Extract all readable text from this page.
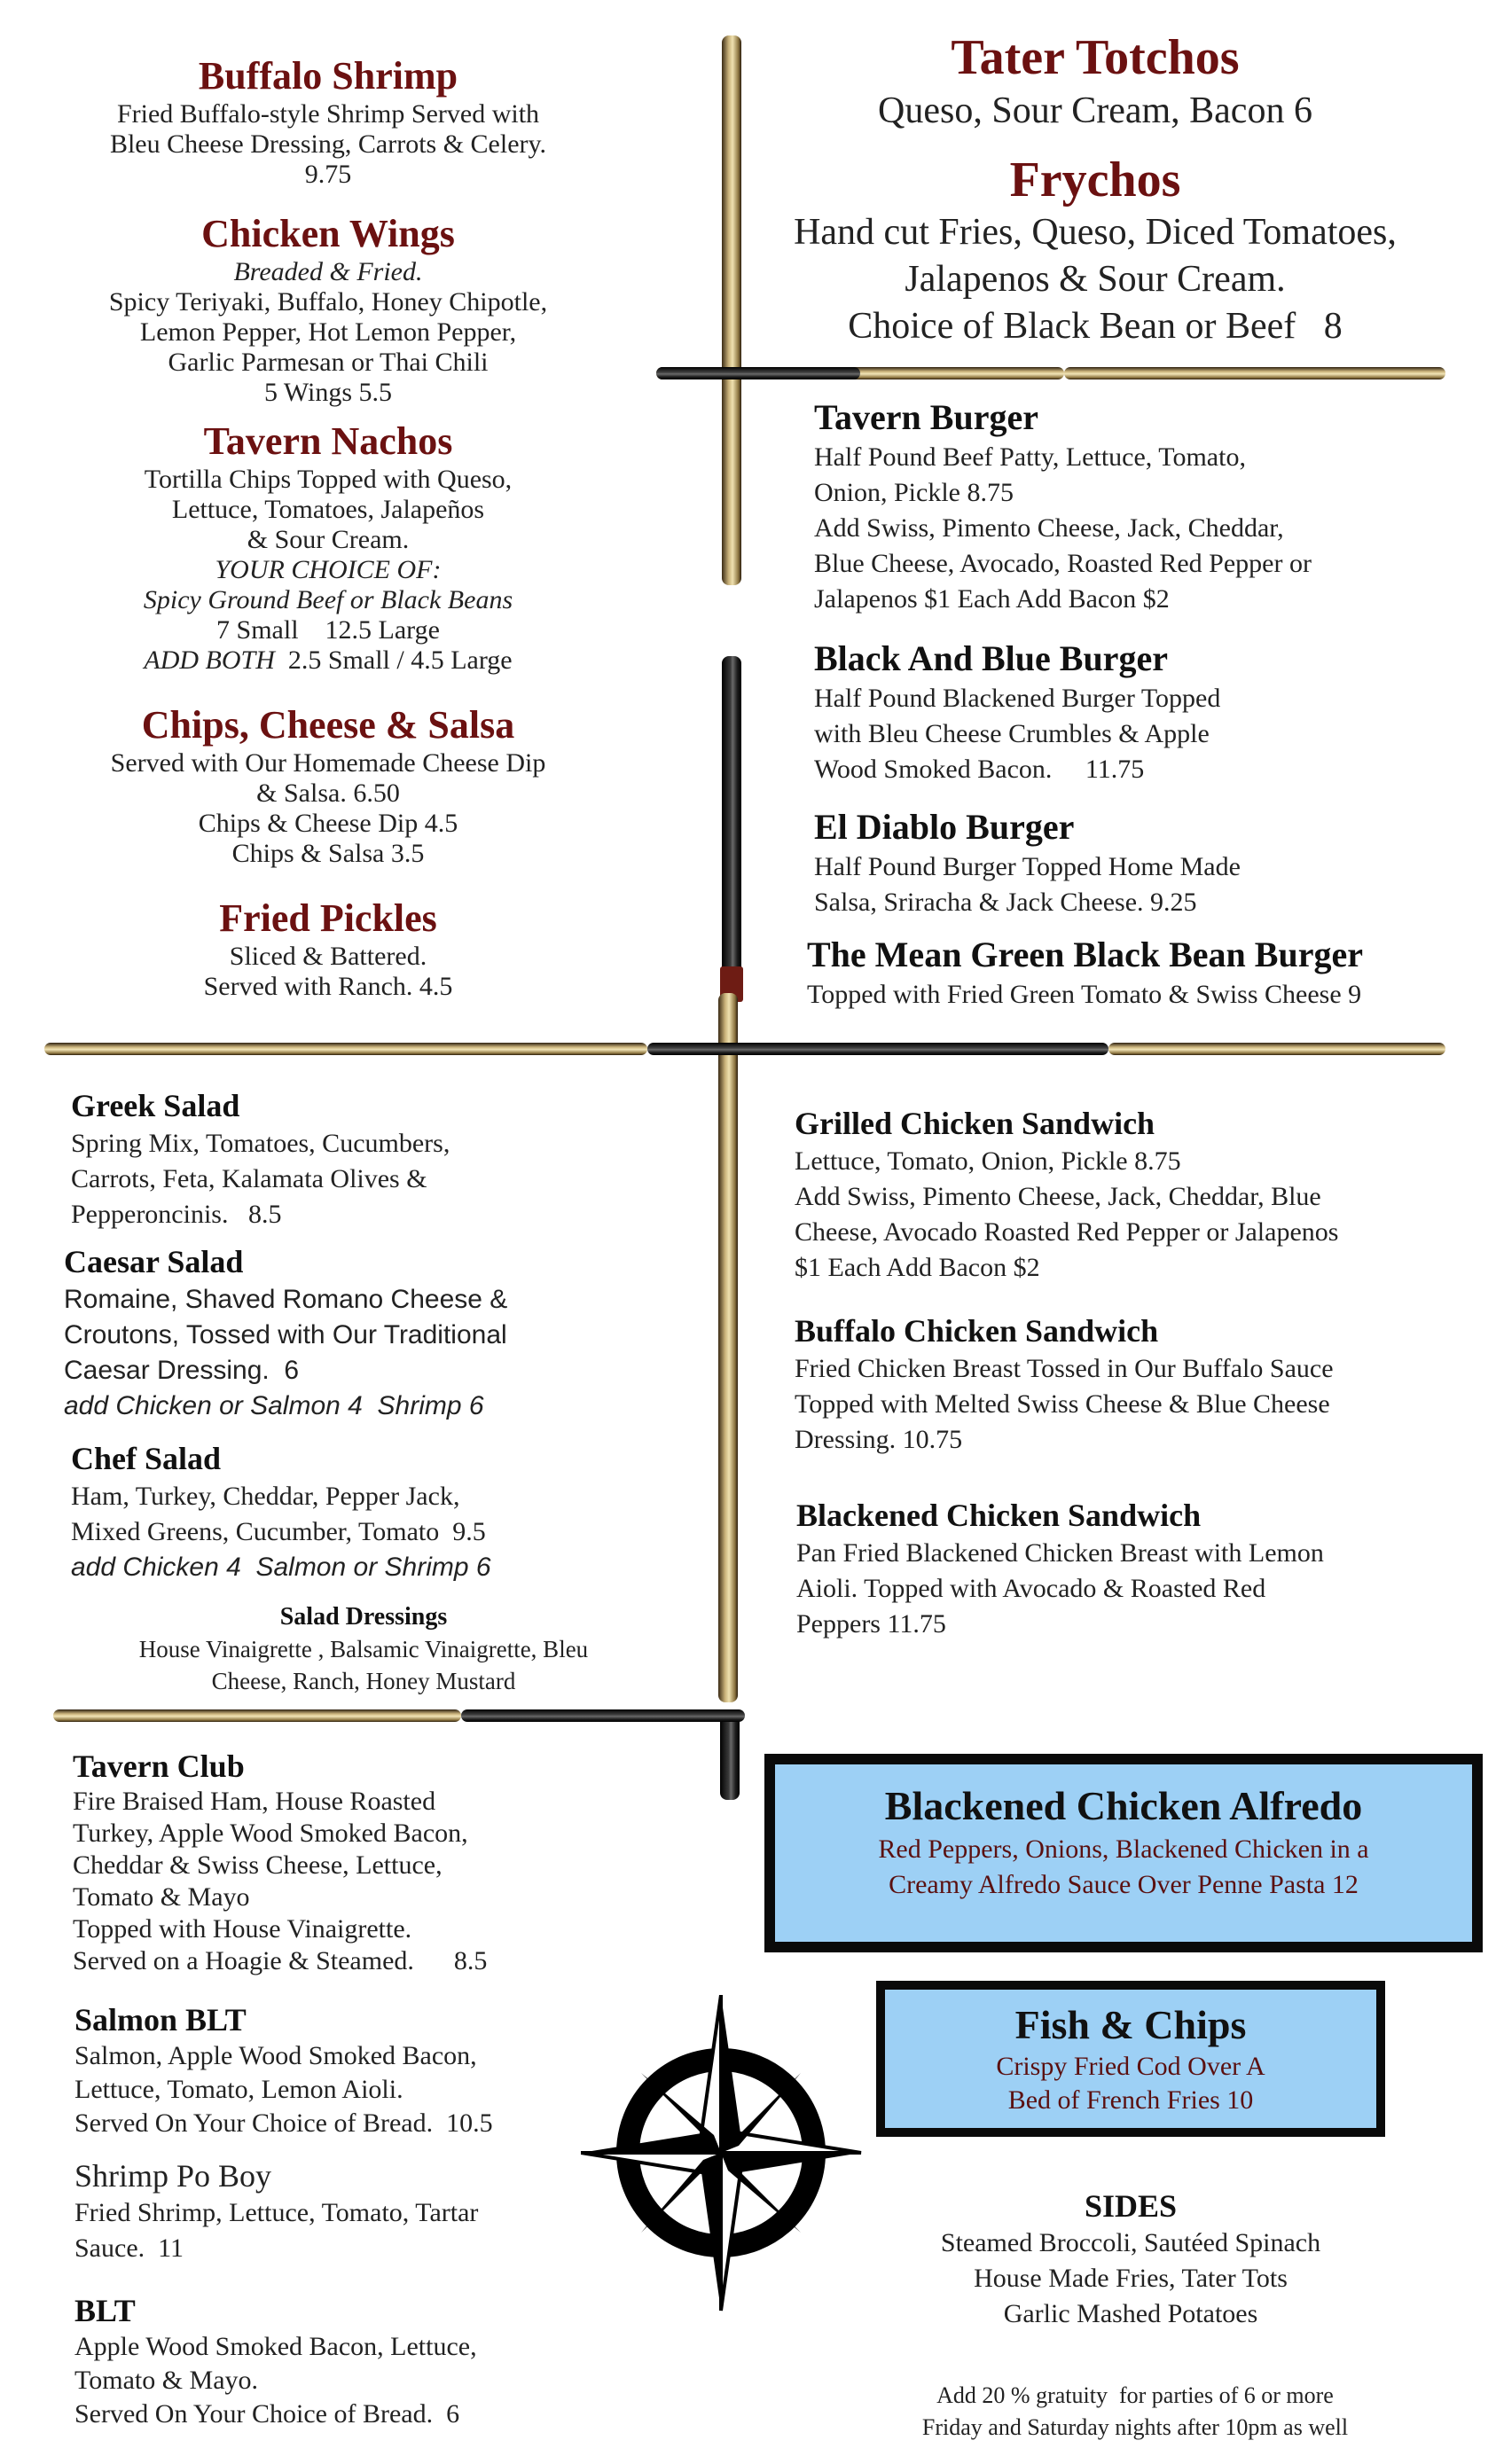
Buffalo Shrimp
Fried Buffalo-style Shrimp Served with
Bleu Cheese Dressing, Carrots & Celery.
9.75
Chicken Wings
Breaded & Fried.
Spicy Teriyaki, Buffalo, Honey Chipotle,
Lemon Pepper, Hot Lemon Pepper,
Garlic Parmesan or Thai Chili
5 Wings 5.5
Tavern Nachos
Tortilla Chips Topped with Queso,
Lettuce, Tomatoes, Jalapeños
& Sour Cream.
YOUR CHOICE OF:
Spicy Ground Beef or Black Beans
7 Small    12.5 Large
ADD BOTH 2.5 Small / 4.5 Large
Chips, Cheese & Salsa
Served with Our Homemade Cheese Dip
& Salsa. 6.50
Chips & Cheese Dip 4.5
Chips & Salsa 3.5
Fried Pickles
Sliced & Battered.
Served with Ranch. 4.5
Tater Totchos
Queso, Sour Cream, Bacon 6
Frychos
Hand cut Fries, Queso, Diced Tomatoes,
Jalapenos & Sour Cream.
Choice of Black Bean or Beef   8
Tavern Burger
Half Pound Beef Patty, Lettuce, Tomato,
Onion, Pickle 8.75
Add Swiss, Pimento Cheese, Jack, Cheddar,
Blue Cheese, Avocado, Roasted Red Pepper or
Jalapenos $1 Each Add Bacon $2
Black And Blue Burger
Half Pound Blackened Burger Topped
with Bleu Cheese Crumbles & Apple
Wood Smoked Bacon.     11.75
El Diablo Burger
Half Pound Burger Topped Home Made
Salsa, Sriracha & Jack Cheese. 9.25
The Mean Green Black Bean Burger
Topped with Fried Green Tomato & Swiss Cheese 9
Greek Salad
Spring Mix, Tomatoes, Cucumbers,
Carrots, Feta, Kalamata Olives &
Pepperoncinis.   8.5
Caesar Salad
Romaine, Shaved Romano Cheese &
Croutons, Tossed with Our Traditional
Caesar Dressing.  6
add Chicken or Salmon 4  Shrimp 6
Chef Salad
Ham, Turkey, Cheddar, Pepper Jack,
Mixed Greens, Cucumber, Tomato  9.5
add Chicken 4  Salmon or Shrimp 6
Salad Dressings
House Vinaigrette , Balsamic Vinaigrette, Bleu
Cheese, Ranch, Honey Mustard
Grilled Chicken Sandwich
Lettuce, Tomato, Onion, Pickle 8.75
Add Swiss, Pimento Cheese, Jack, Cheddar, Blue
Cheese, Avocado Roasted Red Pepper or Jalapenos
$1 Each Add Bacon $2
Buffalo Chicken Sandwich
Fried Chicken Breast Tossed in Our Buffalo Sauce
Topped with Melted Swiss Cheese & Blue Cheese
Dressing. 10.75
Blackened Chicken Sandwich
Pan Fried Blackened Chicken Breast with Lemon
Aioli. Topped with Avocado & Roasted Red
Peppers 11.75
Tavern Club
Fire Braised Ham, House Roasted
Turkey, Apple Wood Smoked Bacon,
Cheddar & Swiss Cheese, Lettuce,
Tomato & Mayo
Topped with House Vinaigrette.
Served on a Hoagie & Steamed.      8.5
Salmon BLT
Salmon, Apple Wood Smoked Bacon,
Lettuce, Tomato, Lemon Aioli.
Served On Your Choice of Bread.  10.5
Shrimp Po Boy
Fried Shrimp, Lettuce, Tomato, Tartar
Sauce.  11
BLT
Apple Wood Smoked Bacon, Lettuce,
Tomato & Mayo.
Served On Your Choice of Bread.  6
Blackened Chicken Alfredo
Red Peppers, Onions, Blackened Chicken in a
Creamy Alfredo Sauce Over Penne Pasta 12
Fish & Chips
Crispy Fried Cod Over A
Bed of French Fries 10
SIDES
Steamed Broccoli, Sautéed Spinach
House Made Fries, Tater Tots
Garlic Mashed Potatoes
Add 20 % gratuity  for parties of 6 or more
Friday and Saturday nights after 10pm as well
